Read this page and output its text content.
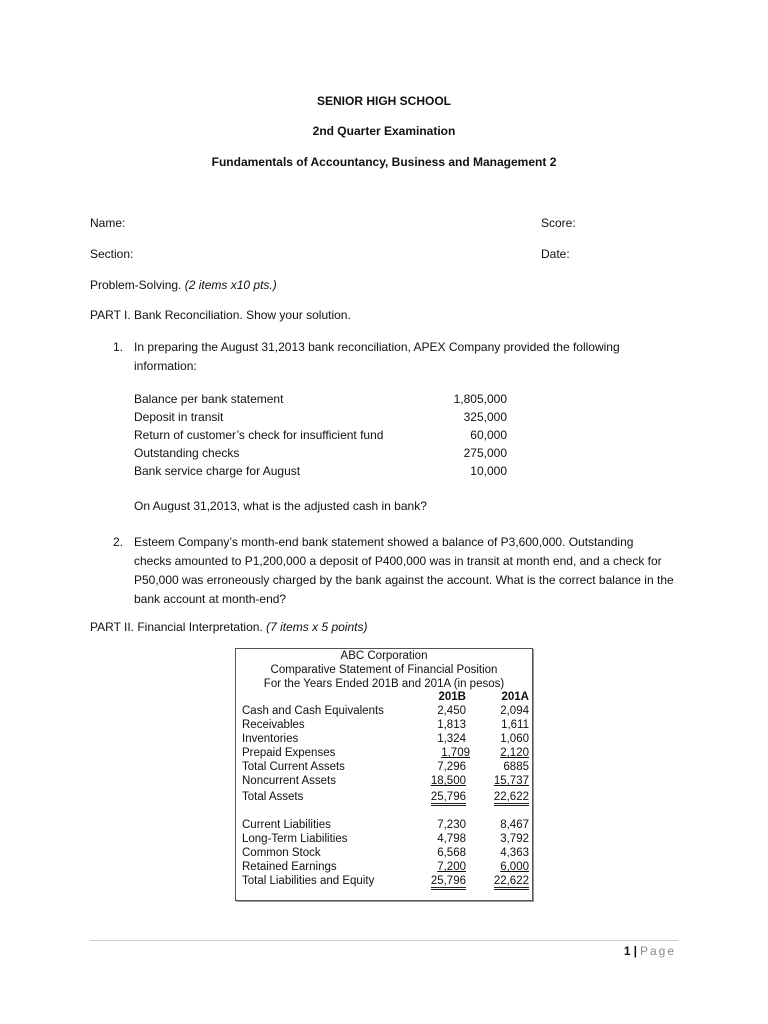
SENIOR HIGH SCHOOL
2nd Quarter Examination
Fundamentals of Accountancy, Business and Management 2
Name:	Score:
Section:	Date:
Problem-Solving. (2 items x10 pts.)
PART I. Bank Reconciliation. Show your solution.
1. In preparing the August 31,2013 bank reconciliation, APEX Company provided the following information:
Balance per bank statement	1,805,000
Deposit in transit	325,000
Return of customer’s check for insufficient fund	60,000
Outstanding checks	275,000
Bank service charge for August	10,000
On August 31,2013, what is the adjusted cash in bank?
2. Esteem Company’s month-end bank statement showed a balance of P3,600,000. Outstanding checks amounted to P1,200,000 a deposit of P400,000 was in transit at month end, and a check for P50,000 was erroneously charged by the bank against the account. What is the correct balance in the bank account at month-end?
PART II. Financial Interpretation. (7 items x 5 points)
ABC Corporation
Comparative Statement of Financial Position
For the Years Ended 201B and 201A (in pesos)
201B	201A
Cash and Cash Equivalents	2,450	2,094
Receivables	1,813	1,611
Inventories	1,324	1,060
Prepaid Expenses	1,709	2,120
Total Current Assets	7,296	6885
Noncurrent Assets	18,500	15,737
Total Assets	25,796	22,622
Current Liabilities	7,230	8,467
Long-Term Liabilities	4,798	3,792
Common Stock	6,568	4,363
Retained Earnings	7,200	6,000
Total Liabilities and Equity	25,796	22,622
1 | Page
